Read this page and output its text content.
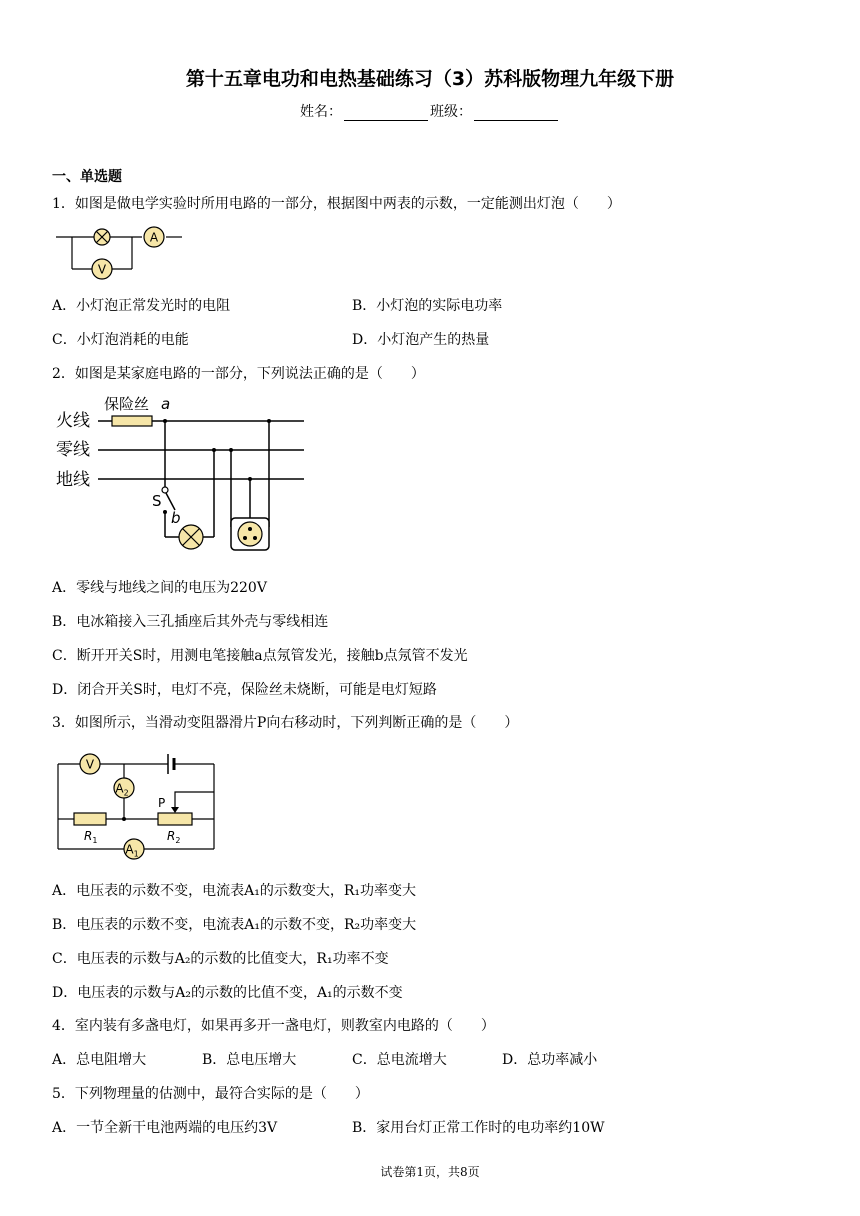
第十五章电功和电热基础练习（3）苏科版物理九年级下册
姓名：	班级：
一、单选题
1．如图是做电学实验时所用电路的一部分，根据图中两表的示数，一定能测出灯泡（　　）
A
V
A．小灯泡正常发光时的电阻	B．小灯泡的实际电功率
C．小灯泡消耗的电能	D．小灯泡产生的热量
2．如图是某家庭电路的一部分，下列说法正确的是（　　）
火线
零线
地线
保险丝 a
S
b
A．零线与地线之间的电压为220V
B．电冰箱接入三孔插座后其外壳与零线相连
C．断开开关S时，用测电笔接触a点氖管发光，接触b点氖管不发光
D．闭合开关S时，电灯不亮，保险丝未烧断，可能是电灯短路
3．如图所示，当滑动变阻器滑片P向右移动时，下列判断正确的是（　　）
V
$A_2$
P
$R_1$	$R_2$
$A_1$
A．电压表的示数不变，电流表A₁的示数变大，R₁功率变大
B．电压表的示数不变，电流表A₁的示数不变，R₂功率变大
C．电压表的示数与A₂的示数的比值变大，R₁功率不变
D．电压表的示数与A₂的示数的比值不变，A₁的示数不变
4．室内装有多盏电灯，如果再多开一盏电灯，则教室内电路的（　　）
A．总电阻增大	B．总电压增大	C．总电流增大	D．总功率减小
5．下列物理量的估测中，最符合实际的是（　　）
A．一节全新干电池两端的电压约3V	B．家用台灯正常工作时的电功率约10W
试卷第1页，共8页
